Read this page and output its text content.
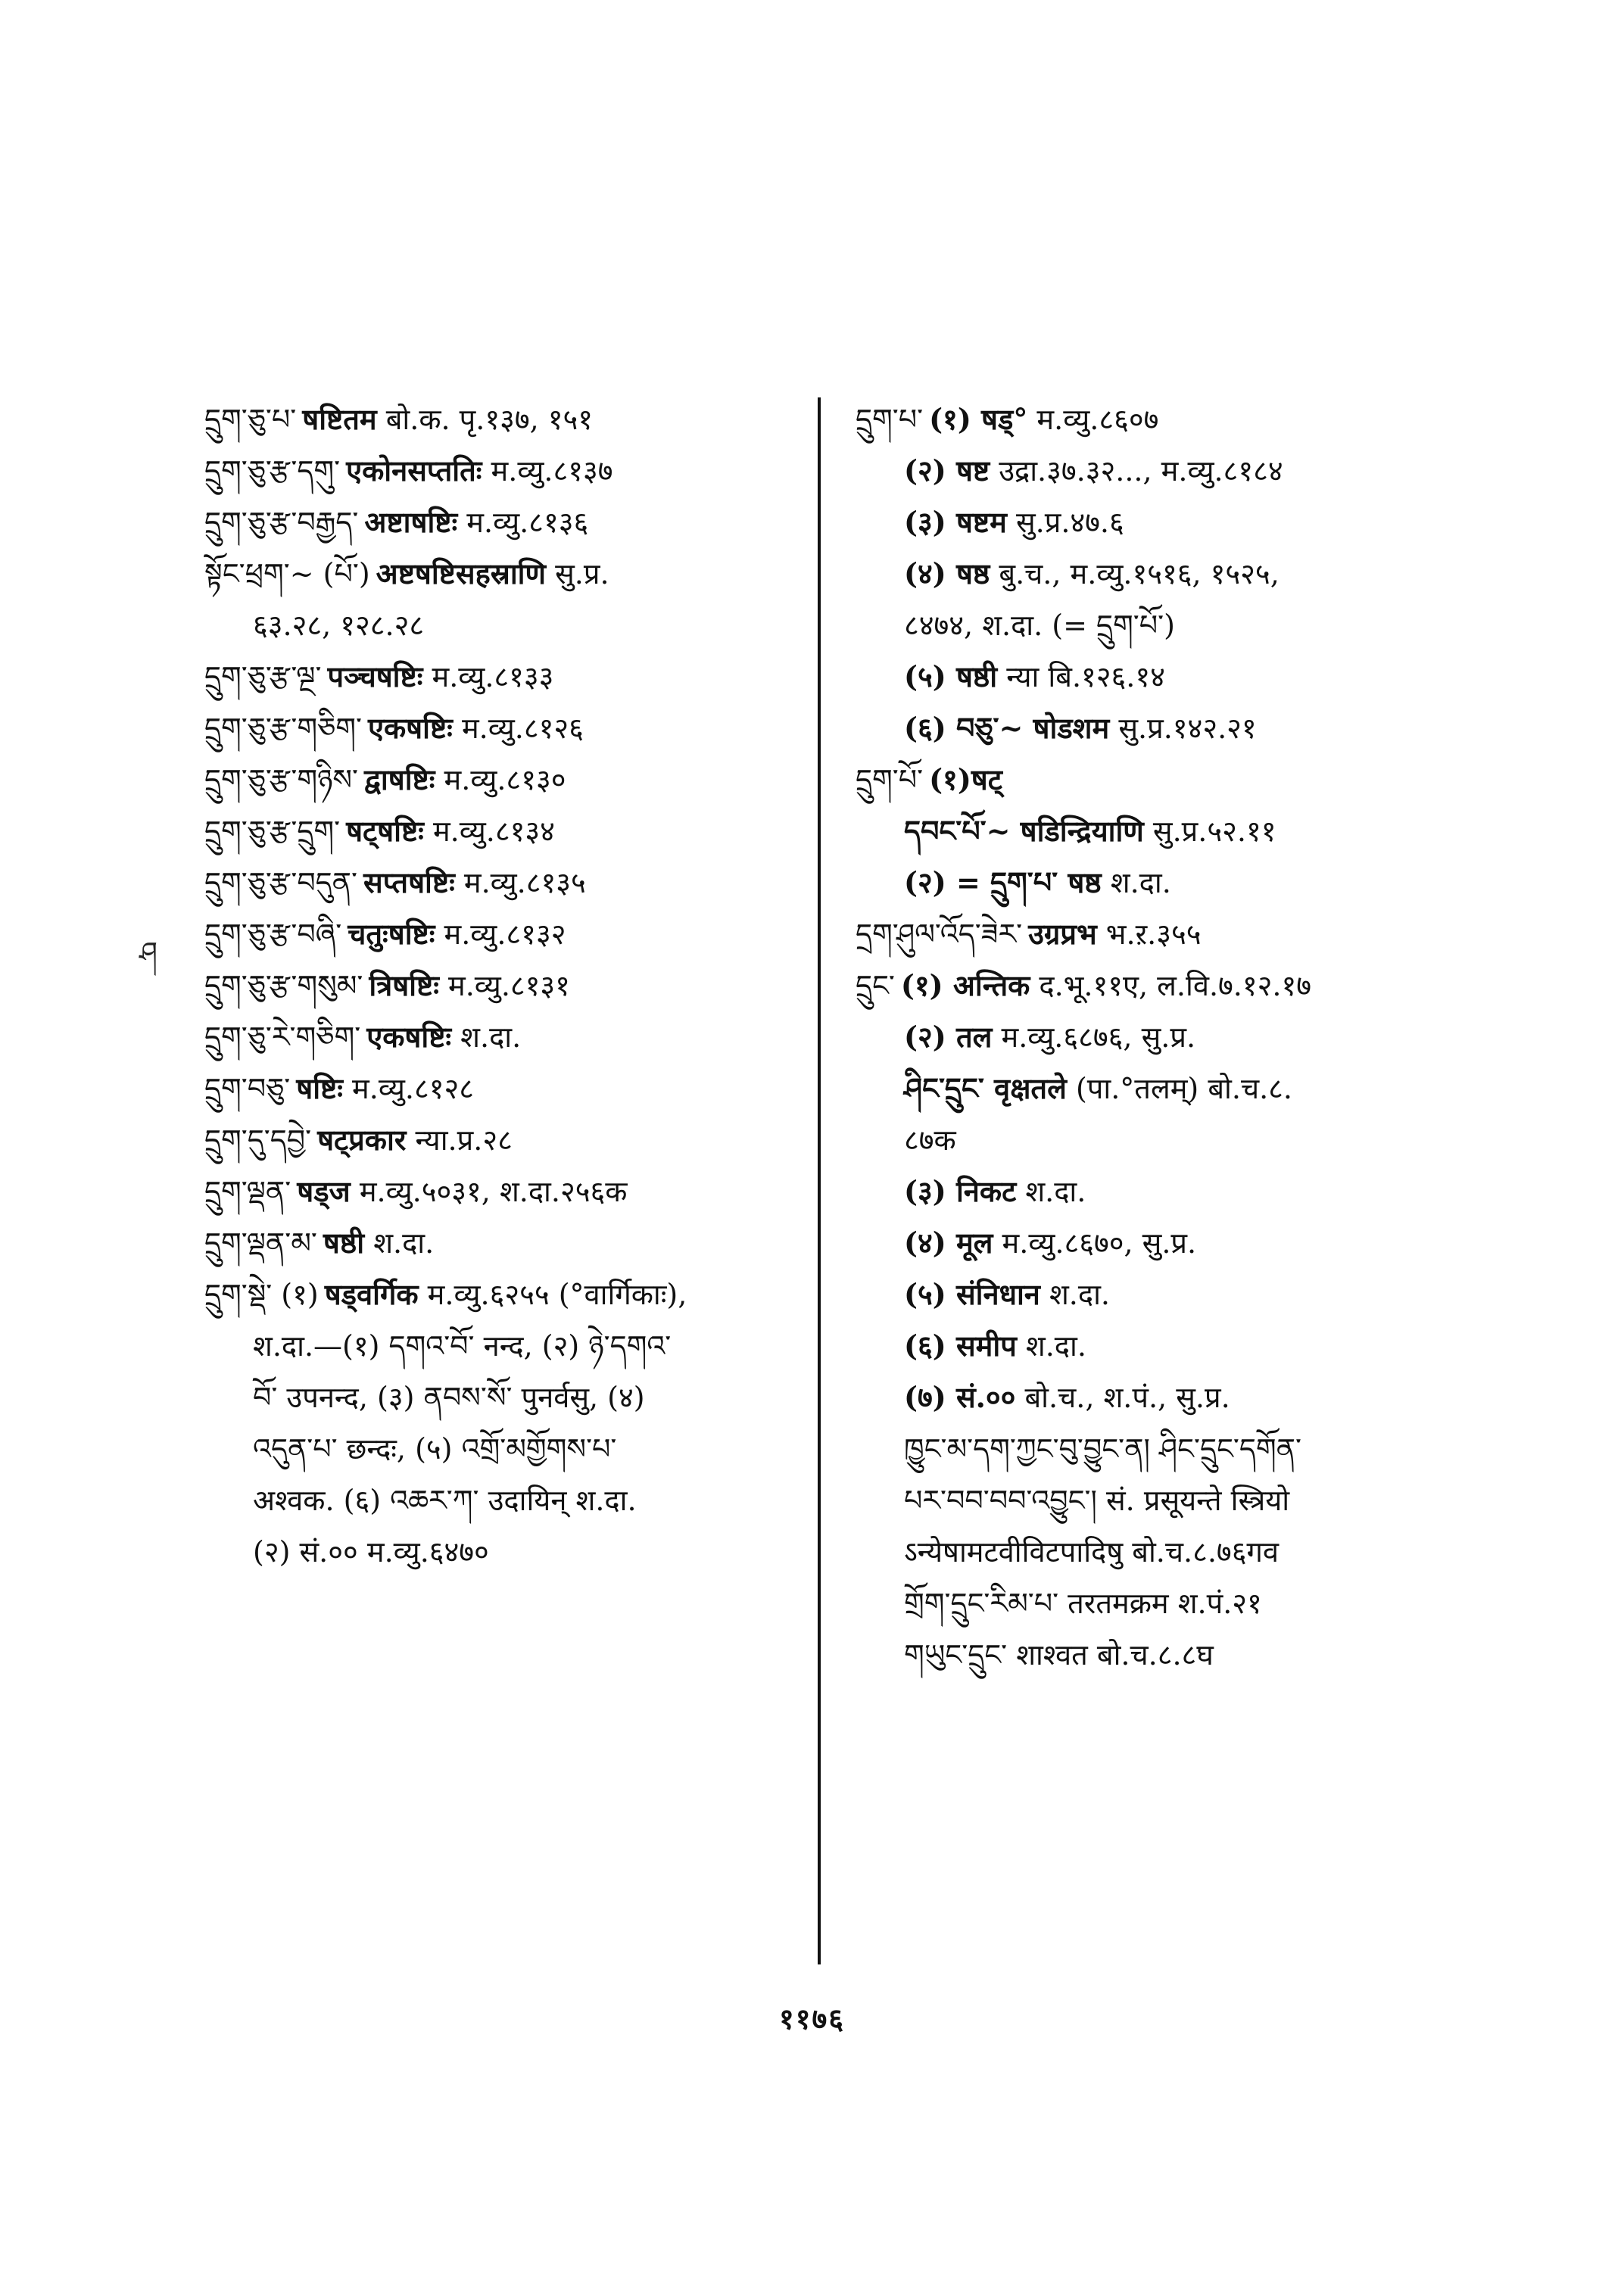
ཤ
དྲུག་ཅུ་པ་ षष्टितम बो.क. पृ.१३७, १५१
དྲུག་ཅུ་རྩ་དགུ་ एकोनसप्ततिः म.व्यु.८१३७
དྲུག་ཅུ་རྩ་བརྒྱད་ अष्टाषष्टिः म.व्यु.८१३६
སྟོང་ཕྲག་~ (པོ་) अष्टषष्टिसहस्राणि सु.प्र.
६३.२८, १२८.२८
དྲུག་ཅུ་རྩ་ལྔ་ पञ्चषष्टिः म.व्यु.८१३३
དྲུག་ཅུ་རྩ་གཅིག་ एकषष्टिः म.व्यु.८१२६
དྲུག་ཅུ་རྩ་གཉིས་ द्वाषष्टिः म.व्यु.८१३०
དྲུག་ཅུ་རྩ་དྲུག་ षट्षष्टिः म.व्यु.८१३४
དྲུག་ཅུ་རྩ་བདུན་ सप्तषष्टिः म.व्यु.८१३५
དྲུག་ཅུ་རྩ་བཞི་ चतुःषष्टिः म.व्यु.८१३२
དྲུག་ཅུ་རྩ་གསུམ་ त्रिषष्टिः म.व्यु.८१३१
དྲུག་ཅུ་རེ་གཅིག་ एकषष्टिः श.दा.
དྲུག་བཅུ་ षष्टिः म.व्यु.८१२८
དྲུག་དུ་དབྱེ་ षट्प्रकार न्या.प्र.२८
དྲུག་ལྡན་ षड्ज म.व्यु.५०३१, श.दा.२५६क
དྲུག་ལྡན་མ་ षष्ठी श.दा.
དྲུག་སྡེ་ (१) षड्वर्गिक म.व्यु.६२५५ (°वार्गिकाः),
श.दा.—(१) དགའ་བོ་ नन्द, (२) ཉེ་དགའ་
བོ་ उपनन्द, (३) ནབས་སོ་ पुनर्वसु, (४)
འདུན་པ་ छन्दः, (५) འགྲོ་མགྱོགས་པ་
अश्वक. (६) འཆར་ཀ་ उदायिन् श.दा.
(२) सं.०० म.व्यु.६४७०
དྲུག་པ་ (१) षड्° म.व्यु.८६०७
(२) षष्ट उद्रा.३७.३२..., म.व्यु.८१८४
(३) षष्टम सु.प्र.४७.६
(४) षष्ठ बु.च., म.व्यु.१५१६, १५२५,
८४७४, श.दा. (= དྲུག་པོ་)
(५) षष्ठी न्या बि.१२६.१४
(६) བཅུ་~ षोडशम सु.प्र.१४२.२१
དྲུག་པོ་ (१)षट्
དབང་པོ་~ षडिन्द्रियाणि सु.प्र.५२.११
(२) = དྲུག་པ་ षष्ठ श.दा.
དྲག་ཤུལ་འོད་ཟེར་ उग्रप्रभ भ.ऱ.३५५
དྲུང་ (१) अन्तिक द.भू.११ए, ल.वि.७.१२.१७
(२) तल म.व्यु.६८७६, सु.प्र.
ཤིང་དྲུང་ वृक्षतले (पा.°तलम्) बो.च.८.
८७क
(३) निकट श.दा.
(४) मूल म.व्यु.८६७०, सु.प्र.
(५) संनिधान श.दा.
(६) समीप श.दा.
(७) सं.०० बो.च., श.पं., सु.प्र.
ཁྱུང་མ་དག་ཀྱང་བུ་བྱུང་ན། ཤིང་དྲུང་དགོན་
པར་བབ་བབ་འབྱུང་། सं. प्रसूयन्ते स्त्रियो
ऽन्येषामटवीविटपादिषु बो.च.८.७६गव
གྲོག་དྲུང་རིམ་པ་ तरतमक्रम श.पं.२१
གཡུང་དྲུང་ शाश्वत बो.च.८.८घ
११७६
